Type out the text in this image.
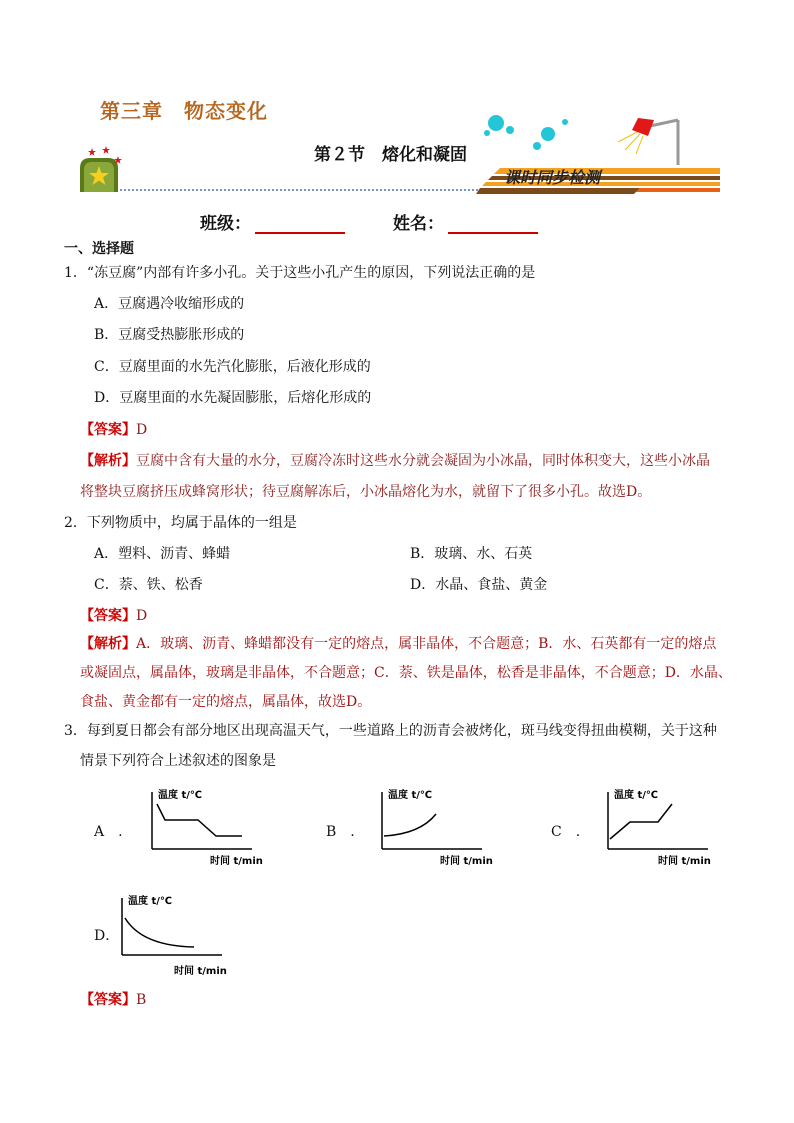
第三章　物态变化
第２节　熔化和凝固
课时同步检测
班级：	姓名：
一、选择题
1．“冻豆腐”内部有许多小孔。关于这些小孔产生的原因，下列说法正确的是
A．豆腐遇冷收缩形成的
B．豆腐受热膨胀形成的
C．豆腐里面的水先汽化膨胀，后液化形成的
D．豆腐里面的水先凝固膨胀，后熔化形成的
【答案】D
【解析】豆腐中含有大量的水分，豆腐冷冻时这些水分就会凝固为小冰晶，同时体积变大，这些小冰晶
将整块豆腐挤压成蜂窝形状；待豆腐解冻后，小冰晶熔化为水，就留下了很多小孔。故选D。
2．下列物质中，均属于晶体的一组是
A．塑料、沥青、蜂蜡	B．玻璃、水、石英
C．萘、铁、松香	D．水晶、食盐、黄金
【答案】D
【解析】A．玻璃、沥青、蜂蜡都没有一定的熔点，属非晶体，不合题意；B．水、石英都有一定的熔点
或凝固点，属晶体，玻璃是非晶体，不合题意；C．萘、铁是晶体，松香是非晶体，不合题意；D．水晶、
食盐、黄金都有一定的熔点，属晶体，故选D。
3．每到夏日都会有部分地区出现高温天气，一些道路上的沥青会被烤化，斑马线变得扭曲模糊，关于这种
情景下列符合上述叙述的图象是
A　.
温度 t/℃
时间 t/min
B　.
温度 t/℃
时间 t/min
C　.
温度 t/℃
时间 t/min
D．
温度 t/℃
时间 t/min
【答案】B
